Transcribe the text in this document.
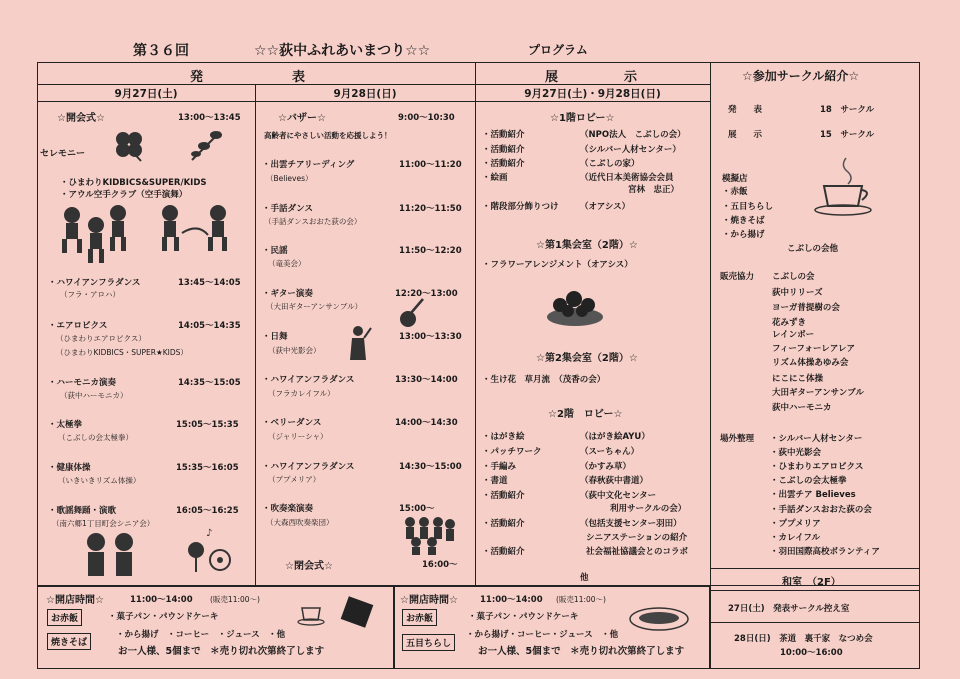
第３６回	☆☆荻中ふれあいまつり☆☆	プログラム
発	表	展	示	☆参加サークル紹介☆
9月27日(土)	9月28日(日)	9月27日(土)・9月28日(日)
☆開会式☆	13:00～13:45
セレモニー
・ひまわりKIDBICS&SUPER/KIDS
・アウル空手クラブ（空手演舞）
・ハワイアンフラダンス	13:45～14:05
（フラ・アロハ）
・エアロビクス	14:05～14:35
（ひまわりエアロビクス）
（ひまわりKIDBICS・SUPER★KIDS）
・ハーモニカ演奏	14:35～15:05
（荻中ハーモニカ）
・太極拳	15:05～15:35
（こぶしの会太極拳）
・健康体操	15:35～16:05
（いきいきリズム体操）
・歌謡舞踊・演歌	16:05～16:25
（南六郷1丁目町会シニア会）
♪
☆バザー☆	9:00～10:30
高齢者にやさしい活動を応援しよう！
・出雲チアリーディング	11:00～11:20
（Believes）
・手話ダンス	11:20～11:50
（手話ダンスおおた荻の会）
・民謡	11:50～12:20
（竜美会）
・ギター演奏	12:20～13:00
（大田ギターアンサンブル）
・日舞	13:00～13:30
（荻中光影会）
・ハワイアンフラダンス	13:30～14:00
（フラカレイフル）
・ベリーダンス	14:00～14:30
（ジャリーシャ）
・ハワイアンフラダンス	14:30～15:00
（ププメリア）
・吹奏楽演奏	15:00～
（大森西吹奏楽団）
16:00～
☆閉会式☆
☆1階ロビー☆
・活動紹介	（NPO法人　こぶしの会）
・活動紹介	（シルバー人材センター）
・活動紹介	（こぶしの家）
・絵画	（近代日本美術協会会員
宮林　忠正）
・階段部分飾りつけ	（オアシス）
☆第1集会室（2階）☆
・フラワーアレンジメント（オアシス）
☆第2集会室（2階）☆
・生け花　草月流　（茂香の会）
☆2階　ロビー☆
・はがき絵	（はがき絵AYU）
・パッチワーク	（スーちゃん）
・手編み	（かすみ草）
・書道	（春秋荻中書道）
・活動紹介	（荻中文化センター
利用サークルの会）
・活動紹介	（包括支援センター羽田）
シニアステーションの紹介
・活動紹介	社会福祉協議会とのコラボ
他
発　　表	18　サークル
展　　示	15　サークル
模擬店
・赤飯
・五目ちらし
・焼きそば
・から揚げ
こぶしの会他
販売協力 こぶしの会
荻中リリーズ
ヨーガ普提樹の会
花みずき
レインボー
フィーフォーレアレア
リズム体操あゆみ会
にこにこ体操
大田ギターアンサンブル
荻中ハーモニカ
場外整理 ・シルバー人材センター
・荻中光影会
・ひまわりエアロビクス
・こぶしの会太極拳
・出雲チア Believes
・手話ダンスおおた荻の会
・ププメリア
・カレイフル
・羽田国際高校ボランティア
和室　（2F）
27日(土)　発表サークル控え室
28日(日)　茶道　裏千家　なつめ会
10:00～16:00
☆開店時間☆	11:00～14:00 (販売11:00～)
お赤飯
焼きそば
・菓子パン・パウンドケーキ
・から揚げ　・コーヒー　・ジュース　・他
お一人様、5個まで　＊売り切れ次第終了します
☆開店時間☆	11:00～14:00 (販売11:00～)
お赤飯
五目ちらし
・菓子パン・パウンドケーキ
・から揚げ・コーヒー・ジュース　・他
お一人様、5個まで　＊売り切れ次第終了します
